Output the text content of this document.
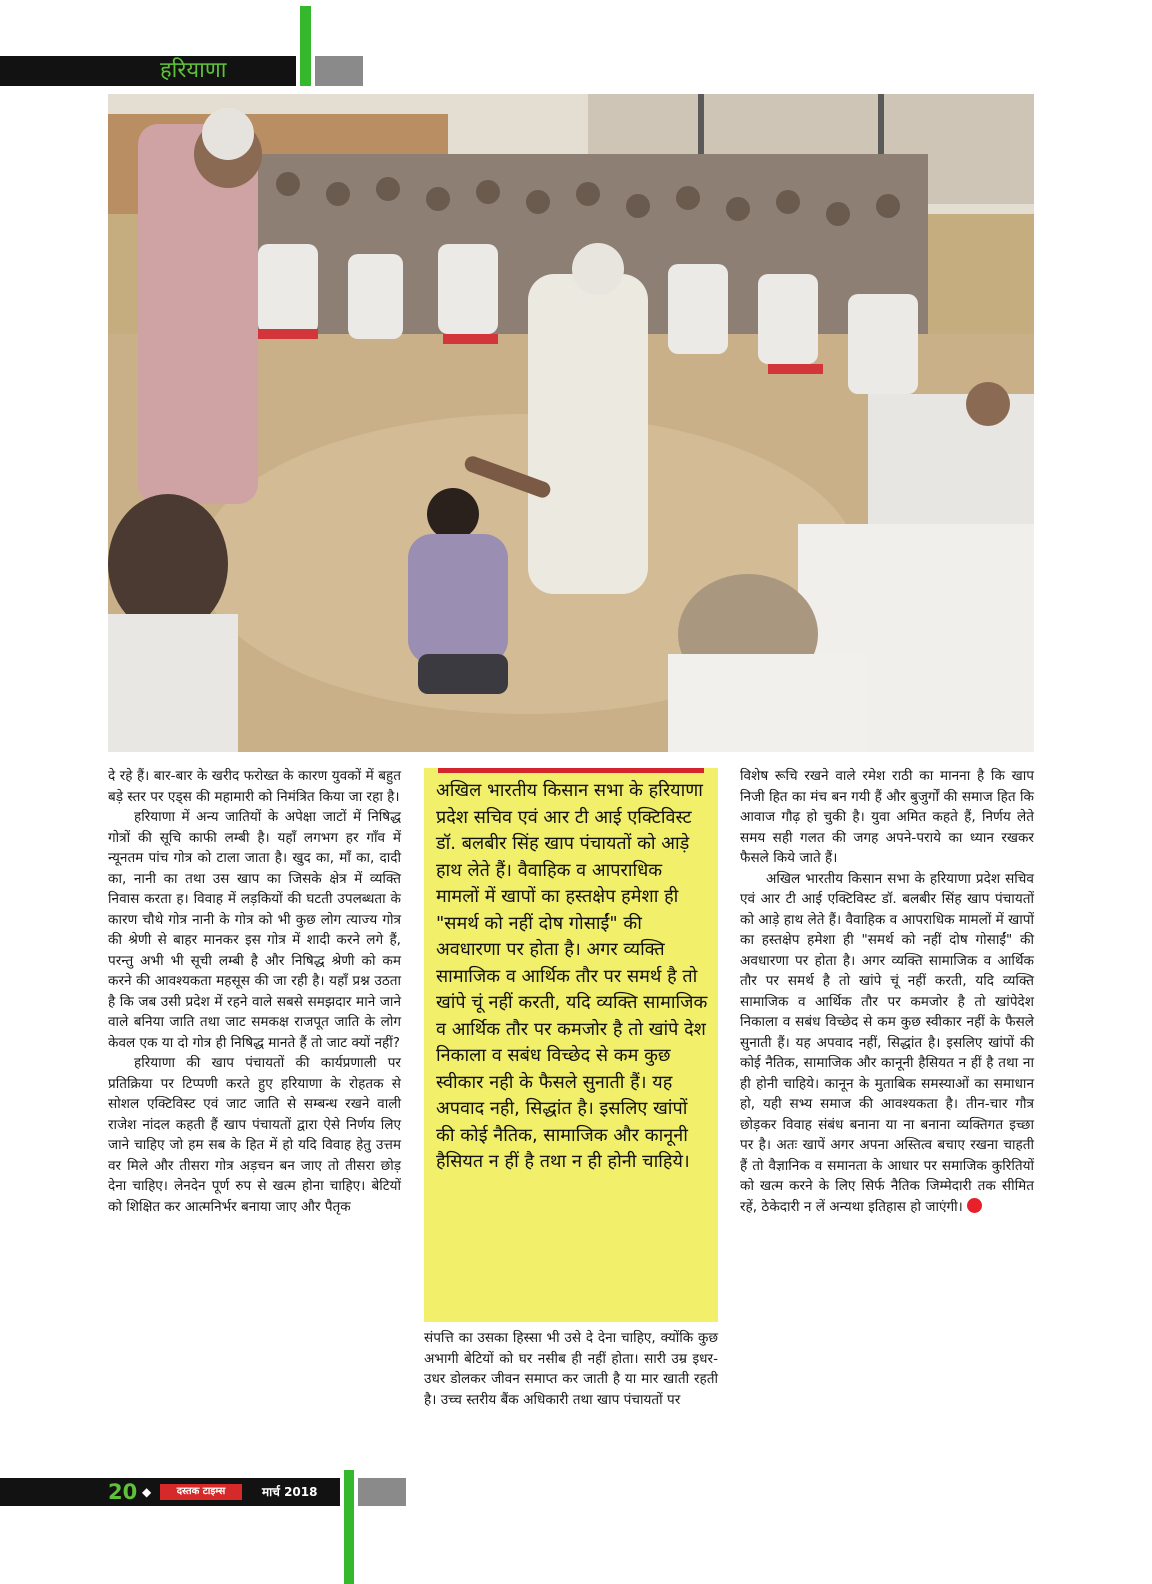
हरियाणा

दे रहे हैं। बार-बार के खरीद फरोख्त के कारण युवकों में बहुत बड़े स्तर पर एड्स की महामारी को निमंत्रित किया जा रहा है।

हरियाणा में अन्य जातियों के अपेक्षा जाटों में निषिद्ध गोत्रों की सूचि काफी लम्बी है। यहाँ लगभग हर गाँव में न्यूनतम पांच गोत्र को टाला जाता है। खुद का, माँ का, दादी का, नानी का तथा उस खाप का जिसके क्षेत्र में व्यक्ति निवास करता ह। विवाह में लड़कियों की घटती उपलब्धता के कारण चौथे गोत्र नानी के गोत्र को भी कुछ लोग त्याज्य गोत्र की श्रेणी से बाहर मानकर इस गोत्र में शादी करने लगे हैं, परन्तु अभी भी सूची लम्बी है और निषिद्ध श्रेणी को कम करने की आवश्यकता महसूस की जा रही है। यहाँ प्रश्न उठता है कि जब उसी प्रदेश में रहने वाले सबसे समझदार माने जाने वाले बनिया जाति तथा जाट समकक्ष राजपूत जाति के लोग केवल एक या दो गोत्र ही निषिद्ध मानते हैं तो जाट क्यों नहीं?

हरियाणा की खाप पंचायतों की कार्यप्रणाली पर प्रतिक्रिया पर टिप्पणी करते हुए हरियाणा के रोहतक से सोशल एक्टिविस्ट एवं जाट जाति से सम्बन्ध रखने वाली राजेश नांदल कहती हैं खाप पंचायतों द्वारा ऐसे निर्णय लिए जाने चाहिए जो हम सब के हित में हो यदि विवाह हेतु उत्तम वर मिले और तीसरा गोत्र अड़चन बन जाए तो तीसरा छोड़ देना चाहिए। लेनदेन पूर्ण रुप से खत्म होना चाहिए। बेटियों को शिक्षित कर आत्मनिर्भर बनाया जाए और पैतृक

अखिल भारतीय किसान सभा के हरियाणा प्रदेश सचिव एवं आर टी आई एक्टिविस्ट डॉ. बलबीर सिंह खाप पंचायतों को आड़े हाथ लेते हैं। वैवाहिक व आपराधिक मामलों में खापों का हस्तक्षेप हमेशा ही "समर्थ को नहीं दोष गोसाईं" की अवधारणा पर होता है। अगर व्यक्ति सामाजिक व आर्थिक तौर पर समर्थ है तो खांपे चूं नहीं करती, यदि व्यक्ति सामाजिक व आर्थिक तौर पर कमजोर है तो खांपे देश निकाला व सबंध विच्छेद से कम कुछ स्वीकार नही के फैसले सुनाती हैं। यह अपवाद नही, सिद्धांत है। इसलिए खांपों की कोई नैतिक, सामाजिक और कानूनी हैसियत न हीं है तथा न ही होनी चाहिये।

संपत्ति का उसका हिस्सा भी उसे दे देना चाहिए, क्योंकि कुछ अभागी बेटियों को घर नसीब ही नहीं होता। सारी उम्र इधर-उधर डोलकर जीवन समाप्त कर जाती है या मार खाती रहती है। उच्च स्तरीय बैंक अधिकारी तथा खाप पंचायतों पर

विशेष रूचि रखने वाले रमेश राठी का मानना है कि खाप निजी हित का मंच बन गयी हैं और बुजुर्गों की समाज हित कि आवाज गौढ़ हो चुकी है। युवा अमित कहते हैं, निर्णय लेते समय सही गलत की जगह अपने-पराये का ध्यान रखकर फैसले किये जाते हैं।

अखिल भारतीय किसान सभा के हरियाणा प्रदेश सचिव एवं आर टी आई एक्टिविस्ट डॉ. बलबीर सिंह खाप पंचायतों को आड़े हाथ लेते हैं। वैवाहिक व आपराधिक मामलों में खापों का हस्तक्षेप हमेशा ही "समर्थ को नहीं दोष गोसाईं" की अवधारणा पर होता है। अगर व्यक्ति सामाजिक व आर्थिक तौर पर समर्थ है तो खांपे चूं नहीं करती, यदि व्यक्ति सामाजिक व आर्थिक तौर पर कमजोर है तो खांपेदेश निकाला व सबंध विच्छेद से कम कुछ स्वीकार नहीं के फैसले सुनाती हैं। यह अपवाद नहीं, सिद्धांत है। इसलिए खांपों की कोई नैतिक, सामाजिक और कानूनी हैसियत न हीं है तथा ना ही होनी चाहिये। कानून के मुताबिक समस्याओं का समाधान हो, यही सभ्य समाज की आवश्यकता है। तीन-चार गौत्र छोड़कर विवाह संबंध बनाना या ना बनाना व्यक्तिगत इच्छा पर है। अतः खापें अगर अपना अस्तित्व बचाए रखना चाहती हैं तो वैज्ञानिक व समानता के आधार पर समाजिक कुरितियों को खत्म करने के लिए सिर्फ नैतिक जिम्मेदारी तक सीमित रहें, ठेकेदारी न लें अन्यथा इतिहास हो जाएंगी।

20 ◆	दस्तक टाइम्स	मार्च 2018
